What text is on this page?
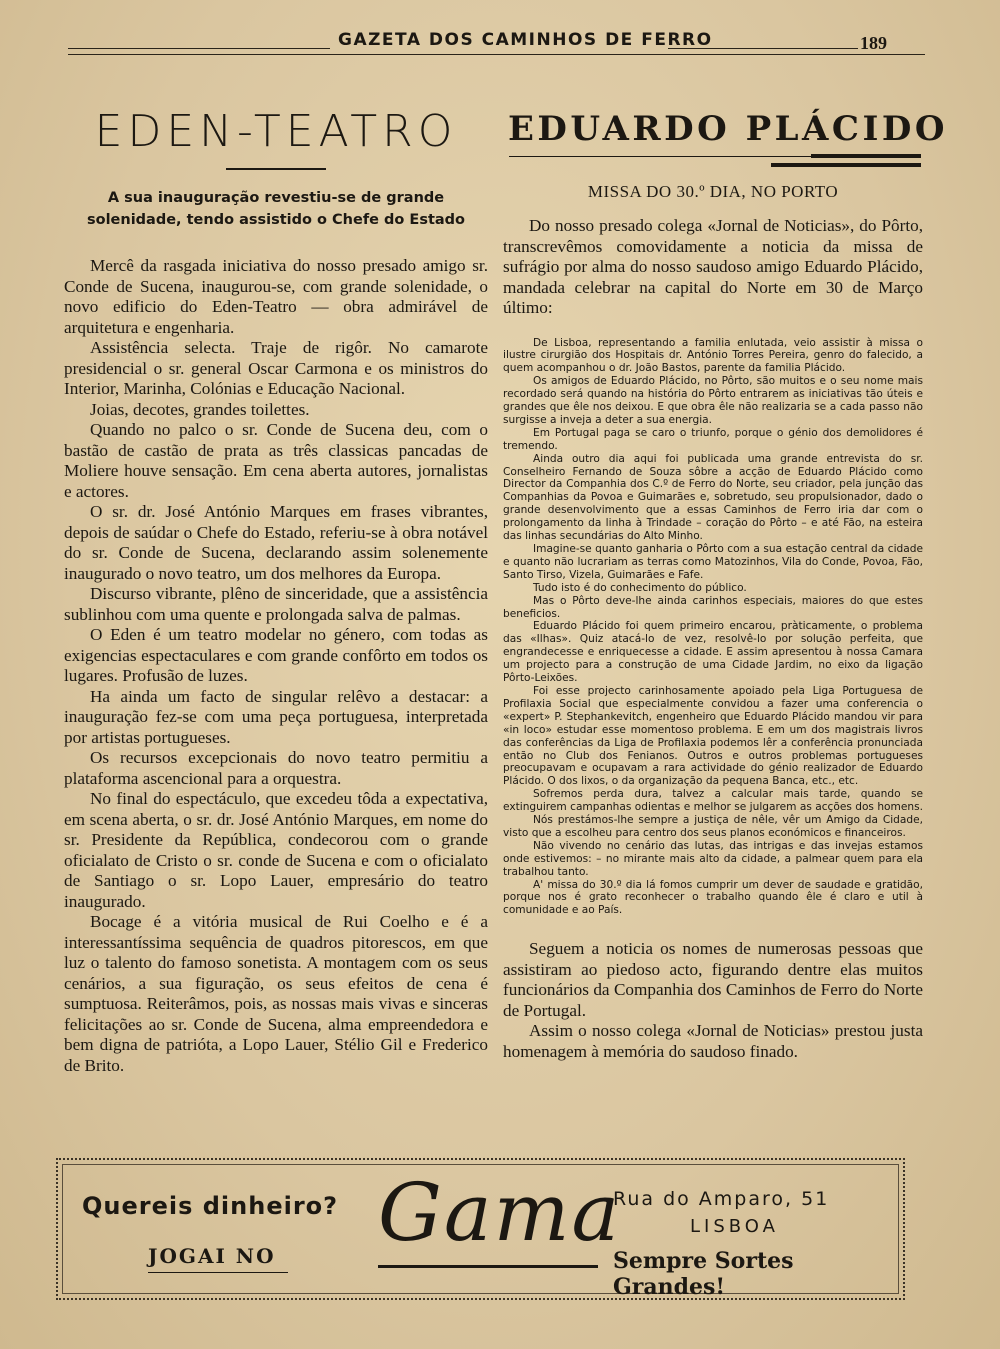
GAZETA DOS CAMINHOS DE FERRO	189
EDEN-TEATRO
A sua inauguração revestiu-se de grande solenidade, tendo assistido o Chefe do Estado

Mercê da rasgada iniciativa do nosso presado amigo sr. Conde de Sucena, inaugurou-se, com grande solenidade, o novo edificio do Eden-Teatro — obra admirável de arquitetura e engenharia.

Assistência selecta. Traje de rigôr. No camarote presidencial o sr. general Oscar Carmona e os ministros do Interior, Marinha, Colónias e Educação Nacional.

Joias, decotes, grandes toilettes.

Quando no palco o sr. Conde de Sucena deu, com o bastão de castão de prata as três classicas pancadas de Moliere houve sensação. Em cena aberta autores, jornalistas e actores.

O sr. dr. José António Marques em frases vibrantes, depois de saúdar o Chefe do Estado, referiu-se à obra notável do sr. Conde de Sucena, declarando assim solenemente inaugurado o novo teatro, um dos melhores da Europa.

Discurso vibrante, plêno de sinceridade, que a assistência sublinhou com uma quente e prolongada salva de palmas.

O Eden é um teatro modelar no género, com todas as exigencias espectaculares e com grande confôrto em todos os lugares. Profusão de luzes.

Ha ainda um facto de singular relêvo a destacar: a inauguração fez-se com uma peça portuguesa, interpretada por artistas portugueses.

Os recursos excepcionais do novo teatro permitiu a plataforma ascencional para a orquestra.

No final do espectáculo, que excedeu tôda a expectativa, em scena aberta, o sr. dr. José António Marques, em nome do sr. Presidente da República, condecorou com o grande oficialato de Cristo o sr. conde de Sucena e com o oficialato de Santiago o sr. Lopo Lauer, empresário do teatro inaugurado.

Bocage é a vitória musical de Rui Coelho e é a interessantíssima sequência de quadros pitorescos, em que luz o talento do famoso sonetista. A montagem com os seus cenários, a sua figuração, os seus efeitos de cena é sumptuosa. Reiterâmos, pois, as nossas mais vivas e sinceras felicitações ao sr. Conde de Sucena, alma empreendedora e bem digna de patrióta, a Lopo Lauer, Stélio Gil e Frederico de Brito.

EDUARDO PLÁCIDO
MISSA DO 30.º DIA, NO PORTO

Do nosso presado colega «Jornal de Noticias», do Pôrto, transcrevêmos comovidamente a noticia da missa de sufrágio por alma do nosso saudoso amigo Eduardo Plácido, mandada celebrar na capital do Norte em 30 de Março último:

De Lisboa, representando a familia enlutada, veio assistir à missa o ilustre cirurgião dos Hospitais dr. António Torres Pereira, genro do falecido, a quem acompanhou o dr. João Bastos, parente da familia Plácido.

Os amigos de Eduardo Plácido, no Pôrto, são muitos e o seu nome mais recordado será quando na história do Pôrto entrarem as iniciativas tão úteis e grandes que êle nos deixou. E que obra êle não realizaria se a cada passo não surgisse a inveja a deter a sua energia.

Em Portugal paga se caro o triunfo, porque o génio dos demolidores é tremendo.

Ainda outro dia aqui foi publicada uma grande entrevista do sr. Conselheiro Fernando de Souza sôbre a acção de Eduardo Plácido como Director da Companhia dos C.º de Ferro do Norte, seu criador, pela junção das Companhias da Povoa e Guimarães e, sobretudo, seu propulsionador, dado o grande desenvolvimento que a essas Caminhos de Ferro iria dar com o prolongamento da linha à Trindade – coração do Pôrto – e até Fão, na esteira das linhas secundárias do Alto Minho.

Imagine-se quanto ganharia o Pôrto com a sua estação central da cidade e quanto não lucrariam as terras como Matozinhos, Vila do Conde, Povoa, Fão, Santo Tirso, Vizela, Guimarães e Fafe.

Tudo isto é do conhecimento do público.

Mas o Pôrto deve-lhe ainda carinhos especiais, maiores do que estes beneficios.

Eduardo Plácido foi quem primeiro encarou, pràticamente, o problema das «Ilhas». Quiz atacá-lo de vez, resolvê-lo por solução perfeita, que engrandecesse e enriquecesse a cidade. E assim apresentou à nossa Camara um projecto para a construção de uma Cidade Jardim, no eixo da ligação Pôrto-Leixões.

Foi esse projecto carinhosamente apoiado pela Liga Portuguesa de Profilaxia Social que especialmente convidou a fazer uma conferencia o «expert» P. Stephankevitch, engenheiro que Eduardo Plácido mandou vir para «in loco» estudar esse momentoso problema. E em um dos magistrais livros das conferências da Liga de Profilaxia podemos lêr a conferência pronunciada então no Club dos Fenianos. Outros e outros problemas portugueses preocupavam e ocupavam a rara actividade do génio realizador de Eduardo Plácido. O dos lixos, o da organização da pequena Banca, etc., etc.

Sofremos perda dura, talvez a calcular mais tarde, quando se extinguirem campanhas odientas e melhor se julgarem as acções dos homens.

Nós prestámos-lhe sempre a justiça de nêle, vêr um Amigo da Cidade, visto que a escolheu para centro dos seus planos económicos e financeiros.

Não vivendo no cenário das lutas, das intrigas e das invejas estamos onde estivemos: – no mirante mais alto da cidade, a palmear quem para ela trabalhou tanto.

A' missa do 30.º dia lá fomos cumprir um dever de saudade e gratidão, porque nos é grato reconhecer o trabalho quando êle é claro e util à comunidade e ao País.

Seguem a noticia os nomes de numerosas pessoas que assistiram ao piedoso acto, figurando dentre elas muitos funcionários da Companhia dos Caminhos de Ferro do Norte de Portugal.

Assim o nosso colega «Jornal de Noticias» prestou justa homenagem à memória do saudoso finado.

Quereis dinheiro?
JOGAI NO Gama
Rua do Amparo, 51
LISBOA
Sempre Sortes Grandes!
